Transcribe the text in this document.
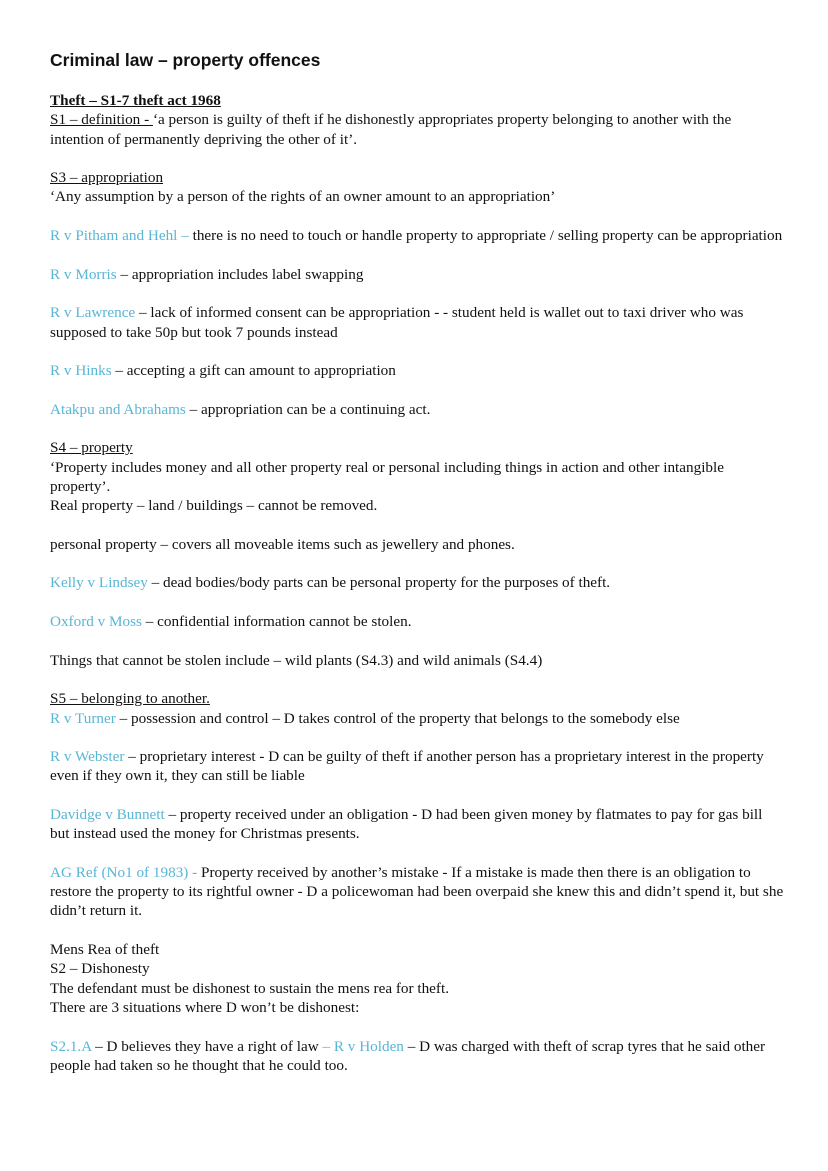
Criminal law – property offences
Theft – S1-7 theft act 1968

S1 – definition - ‘a person is guilty of theft if he dishonestly appropriates property belonging to another with the intention of permanently depriving the other of it’.

S3 – appropriation

‘Any assumption by a person of the rights of an owner amount to an appropriation’

R v Pitham and Hehl – there is no need to touch or handle property to appropriate / selling property can be appropriation

R v Morris – appropriation includes label swapping

R v Lawrence – lack of informed consent can be appropriation - - student held is wallet out to taxi driver who was supposed to take 50p but took 7 pounds instead

R v Hinks – accepting a gift can amount to appropriation

Atakpu and Abrahams – appropriation can be a continuing act.

S4 – property
‘Property includes money and all other property real or personal including things in action and other intangible property’.

Real property – land / buildings – cannot be removed.

personal property – covers all moveable items such as jewellery and phones.

Kelly v Lindsey – dead bodies/body parts can be personal property for the purposes of theft.

Oxford v Moss – confidential information cannot be stolen.

Things that cannot be stolen include – wild plants (S4.3) and wild animals (S4.4)

S5 – belonging to another.

R v Turner – possession and control – D takes control of the property that belongs to the somebody else

R v Webster – proprietary interest - D can be guilty of theft if another person has a proprietary interest in the property even if they own it, they can still be liable

Davidge v Bunnett – property received under an obligation - D had been given money by flatmates to pay for gas bill but instead used the money for Christmas presents.

AG Ref (No1 of 1983) - Property received by another’s mistake - If a mistake is made then there is an obligation to restore the property to its rightful owner - D a policewoman had been overpaid she knew this and didn’t spend it, but she didn’t return it.

Mens Rea of theft
S2 – Dishonesty
The defendant must be dishonest to sustain the mens rea for theft.

There are 3 situations where D won’t be dishonest:

S2.1.A – D believes they have a right of law – R v Holden – D was charged with theft of scrap tyres that he said other people had taken so he thought that he could too.
